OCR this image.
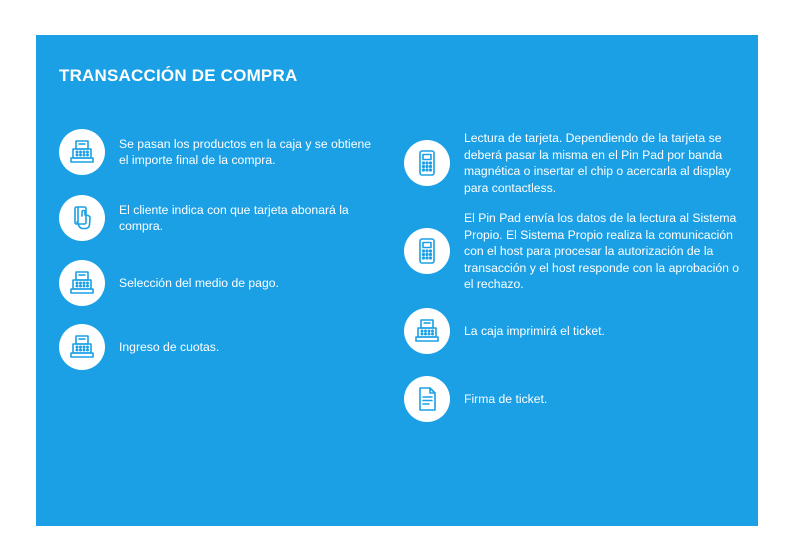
TRANSACCIÓN DE COMPRA
Se pasan los productos en la caja y se obtiene el importe final de la compra.
El cliente indica con que tarjeta abonará la compra.
Selección del medio de pago.
Ingreso de cuotas.
Lectura de tarjeta. Dependiendo de la tarjeta se deberá pasar la misma en el Pin Pad por banda magnética o insertar el chip o acercarla al display para contactless.
El Pin Pad envía los datos de la lectura al Sistema Propio. El Sistema Propio realiza la comunicación con el host para procesar la autorización de la transacción y el host responde con la aprobación o el rechazo.
La caja imprimirá el ticket.
Firma de ticket.
